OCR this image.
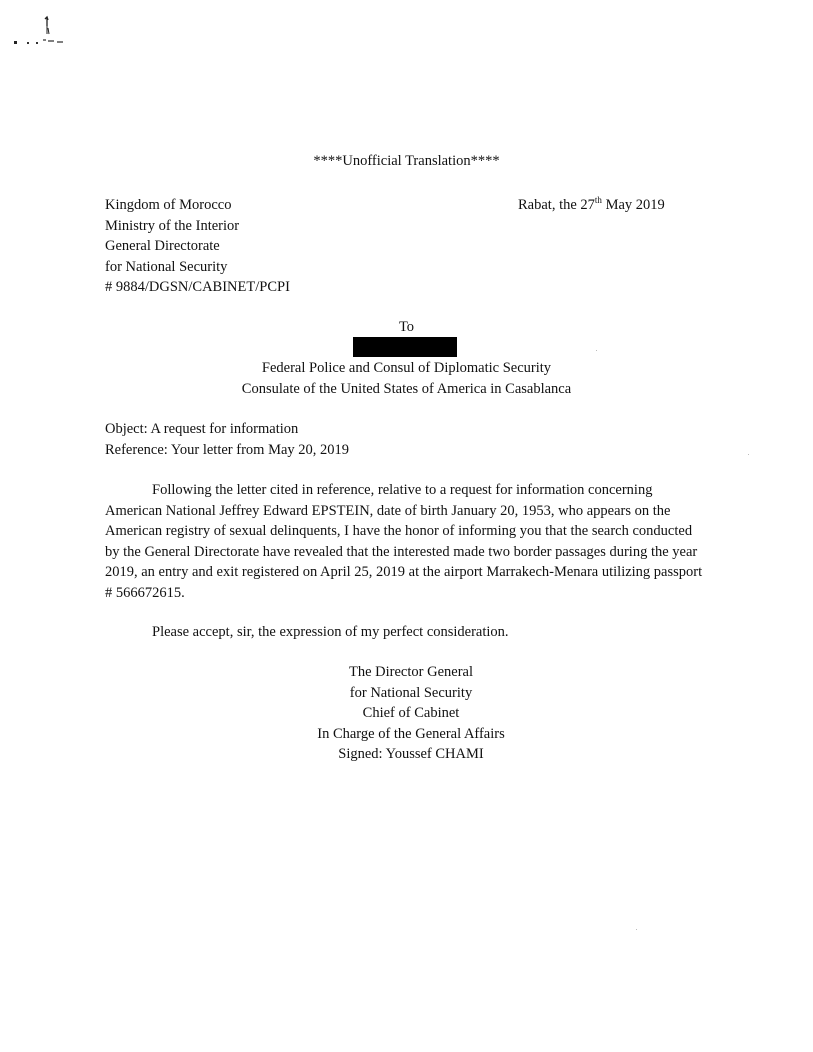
****Unofficial Translation****
Kingdom of Morocco
Ministry of the Interior
General Directorate
for National Security
# 9884/DGSN/CABINET/PCPI
Rabat, the 27th May 2019
To
Federal Police and Consul of Diplomatic Security
Consulate of the United States of America in Casablanca
Object: A request for information
Reference: Your letter from May 20, 2019
Following the letter cited in reference, relative to a request for information concerning American National Jeffrey Edward EPSTEIN, date of birth January 20, 1953, who appears on the American registry of sexual delinquents, I have the honor of informing you that the search conducted by the General Directorate have revealed that the interested made two border passages during the year 2019, an entry and exit registered on April 25, 2019 at the airport Marrakech-Menara utilizing passport # 566672615.
Please accept, sir, the expression of my perfect consideration.
The Director General
for National Security
Chief of Cabinet
In Charge of the General Affairs
Signed: Youssef CHAMI
